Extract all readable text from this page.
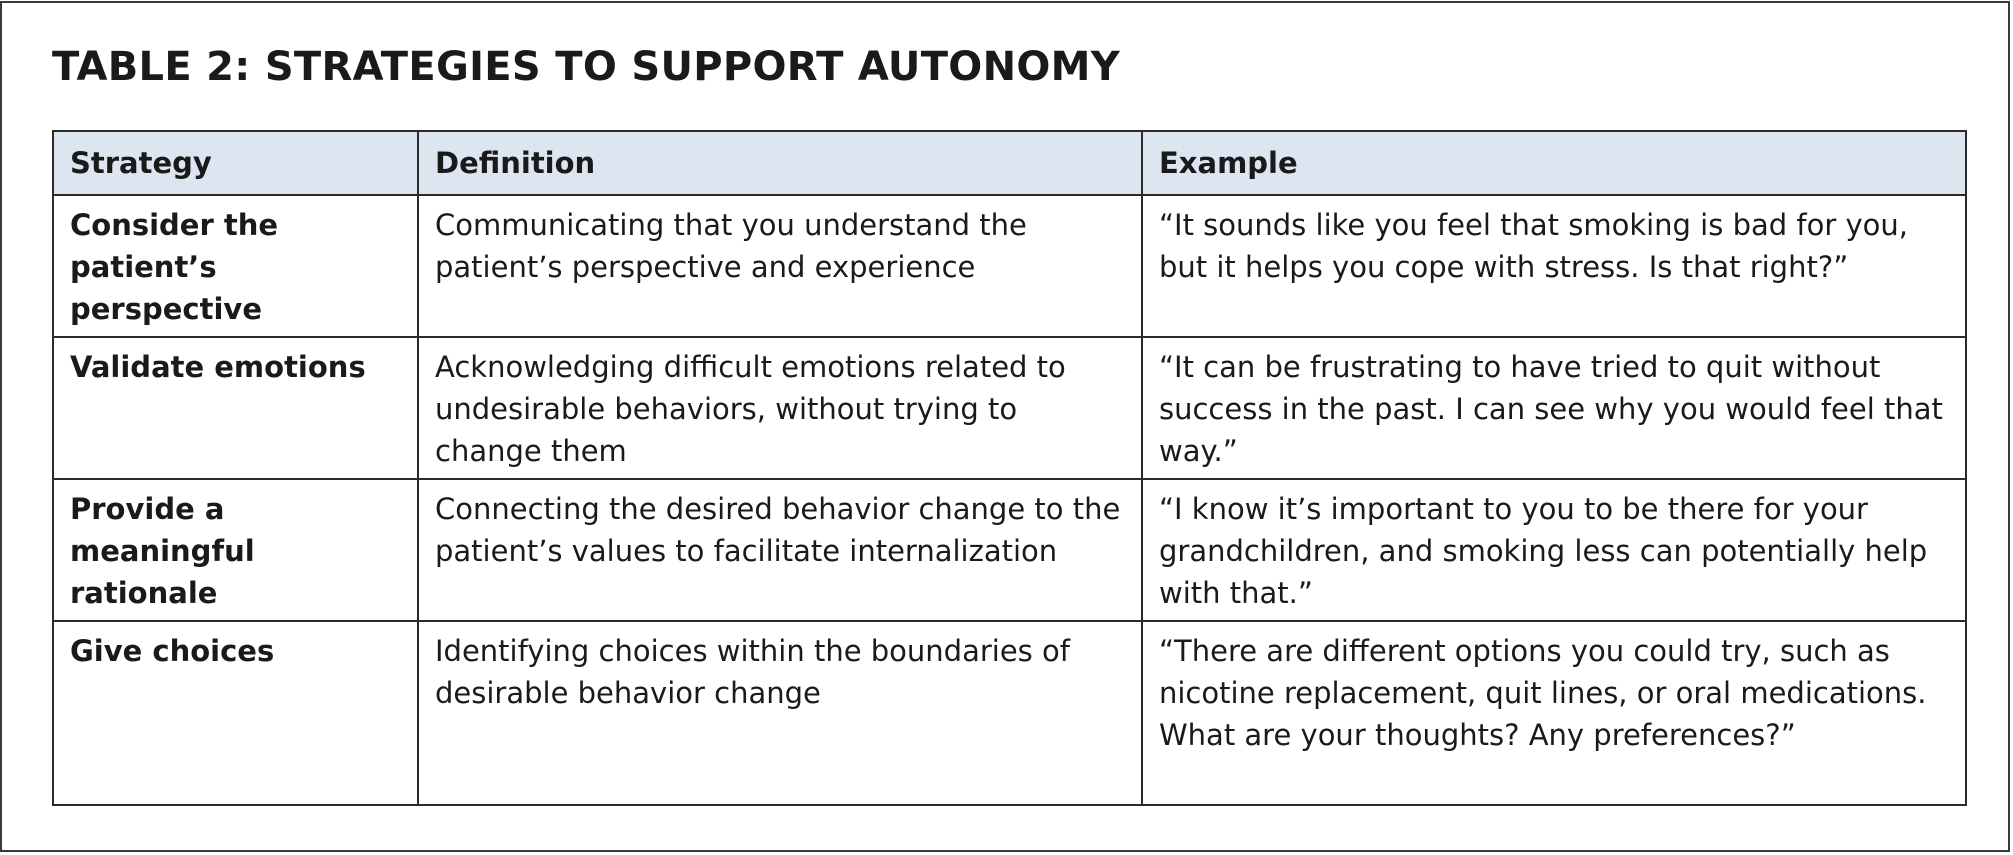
TABLE 2: STRATEGIES TO SUPPORT AUTONOMY
Strategy	Definition	Example
Consider the patient’s perspective	Communicating that you understand the patient’s perspective and experience	“It sounds like you feel that smoking is bad for you, but it helps you cope with stress. Is that right?”
Validate emotions	Acknowledging difficult emotions related to undesirable behaviors, without trying to change them	“It can be frustrating to have tried to quit without success in the past. I can see why you would feel that way.”
Provide a meaningful rationale	Connecting the desired behavior change to the patient’s values to facilitate internalization	“I know it’s important to you to be there for your grandchildren, and smoking less can potentially help with that.”
Give choices	Identifying choices within the boundaries of desirable behavior change	“There are different options you could try, such as nicotine replacement, quit lines, or oral medications. What are your thoughts? Any preferences?”
